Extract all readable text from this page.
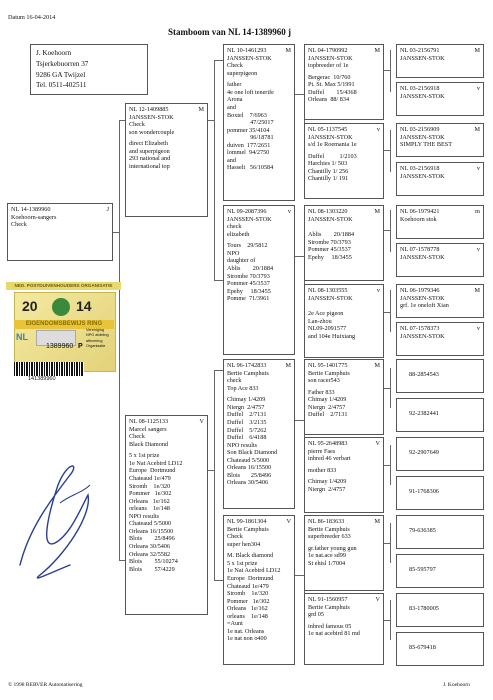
Datum 16-04-2014
Stamboom van NL 14-1389960 j
J. Koehoorn
Tsjerkebuorren 37
9286 GA Twijzel
Tel. 0511-402511
NL 14-1389960	J
Koehoorn-sangers
Check
NL 12-1409885	M
JANSSEN-STOK
Check
son wondercouple
direct Elizabeth
and superpigeon
293 national and
international top
NL 08-1125133	V
Marcel sangers
Check
Black Diamond
5 x 1st prize
1e Nat Acebird LD12
Europe  Dortmund
Chateaud 1e/479
Stromb    1e/320
Pommer   1e/302
Orleans   1e/162
orleans    1e/148
NPO results
Chateaud 5/5000
Orleans 16/15500
Blois        25/8496
Orleans 30/5406
Orleans 32/5582
Blois        55/10274
Blois        57/4229
NL 10-1461293	M
JANSSEN-STOK
Check
superpigeon
father
4e one loft tenerife
Arona
and
Boxtel    7/6963
47/25017
pommer 35/4104
96/18781
duiven  177/2651
lommel  94/2750
and
Hasselt   56/10584
NL 09-2087396	v
JANSSEN-STOK
check
elizabeth
Tours    29/5812
NPO
daughter of
Ablis        20/1884
Strombe 70/3793
Pommer 45/3537
Epehy     18/3455
Pomme  71/3961
NL 96-1742833	M
Bertie Camphuis
check
Top Ace 833
Chimay 1/4209
Niergn  2/4757
Duffel    2/7131
Duffel    3/2135
Duffel    5/7262
Duffel    6/4188
NPO results
Son Black Diamond
Chateaud 5/5000
Orleans 16/15500
Blois       25/8496
Orleans 30/5406
NL 99-1861304	V
Bertie Camphuis
Check
super hen304
M. Black diamond
5 x 1st prize
1e Nat Acebird LD12
Europe  Dortmund
Chateaud 1e/479
Stromb    1e/320
Pommer   1e/302
Orleans   1e/162
orleans    1e/148
=Aunt
1e nat. Orleans
1e nat non o400
NL 04-1790992	M
JANSSEN-STOK
topbreeder of 1e
Bergerac  10/760
Pt. St. Max 5/1991
Duffel        15/4368
Orleans  88/ 834
NL 05-1137545	v
JANSSEN-STOK
s/d 1e Roemania 1e
Duffel          1/2103
Harchies 1/ 503
Chantilly 1/ 256
Chantilly 1/ 191
NL 08-1303220	M
JANSSEN-STOK
Ablis        20/1884
Strombe 70/3793
Pommer 45/3537
Epehy     18/3455
NL 08-1303555	v
JANSSEN-STOK
2e Ace pigeon
Lan-zhou
NL09-2091577
and 104e Huixiang
NL 95-1401775	M
Bertie Camphuis
son racer543
Father 833
Chimay 1/4209
Niergn  2/4757
Duffel    2/7131
NL 95-2648983	V
pierre Faes
inbred 46 verbart
mother 833
Chimay 1/4209
Niergn  2/4757
NL 86-183633	M
Bertie Camphuis
superbreeder 633
gr.father young gun
1e nat.ace sd99
St ehisl 1/7004
NL 91-1560957	V
Bertie Camphuis
grd 05
inbred famous 05
1e nat acebird 81 md
NL 03-2156791	M
JANSSEN-STOK
NL 03-2156918	v
JANSSEN-STOK
NL 03-2156909	M
JANSSEN-STOK
SIMPLY THE BEST
NL 03-2156918	v
JANSSEN-STOK
NL 06-1979421	m
Koehoorn stok
NL 07-1578778	v
JANSSEN-STOK
NL 06-1979346	M
JANSSEN-STOK
grf. 1e oneloft Xian
NL 07-1578373	v
JANSSEN-STOK
88-2854543
92-2382441
92-2907649
91-1768306
79-636385
85-595797
83-1780005
85-679418
NED. POSTDUIVENHOUDERS ORGANISATIE
20	14
EIGENDOMSBEWIJS RING
NL
1389960 P
Vereniging
NPO afdeling
aflevering
Organisatie
141389960
© 1998 BERVER Automatisering	J. Koehoorn
